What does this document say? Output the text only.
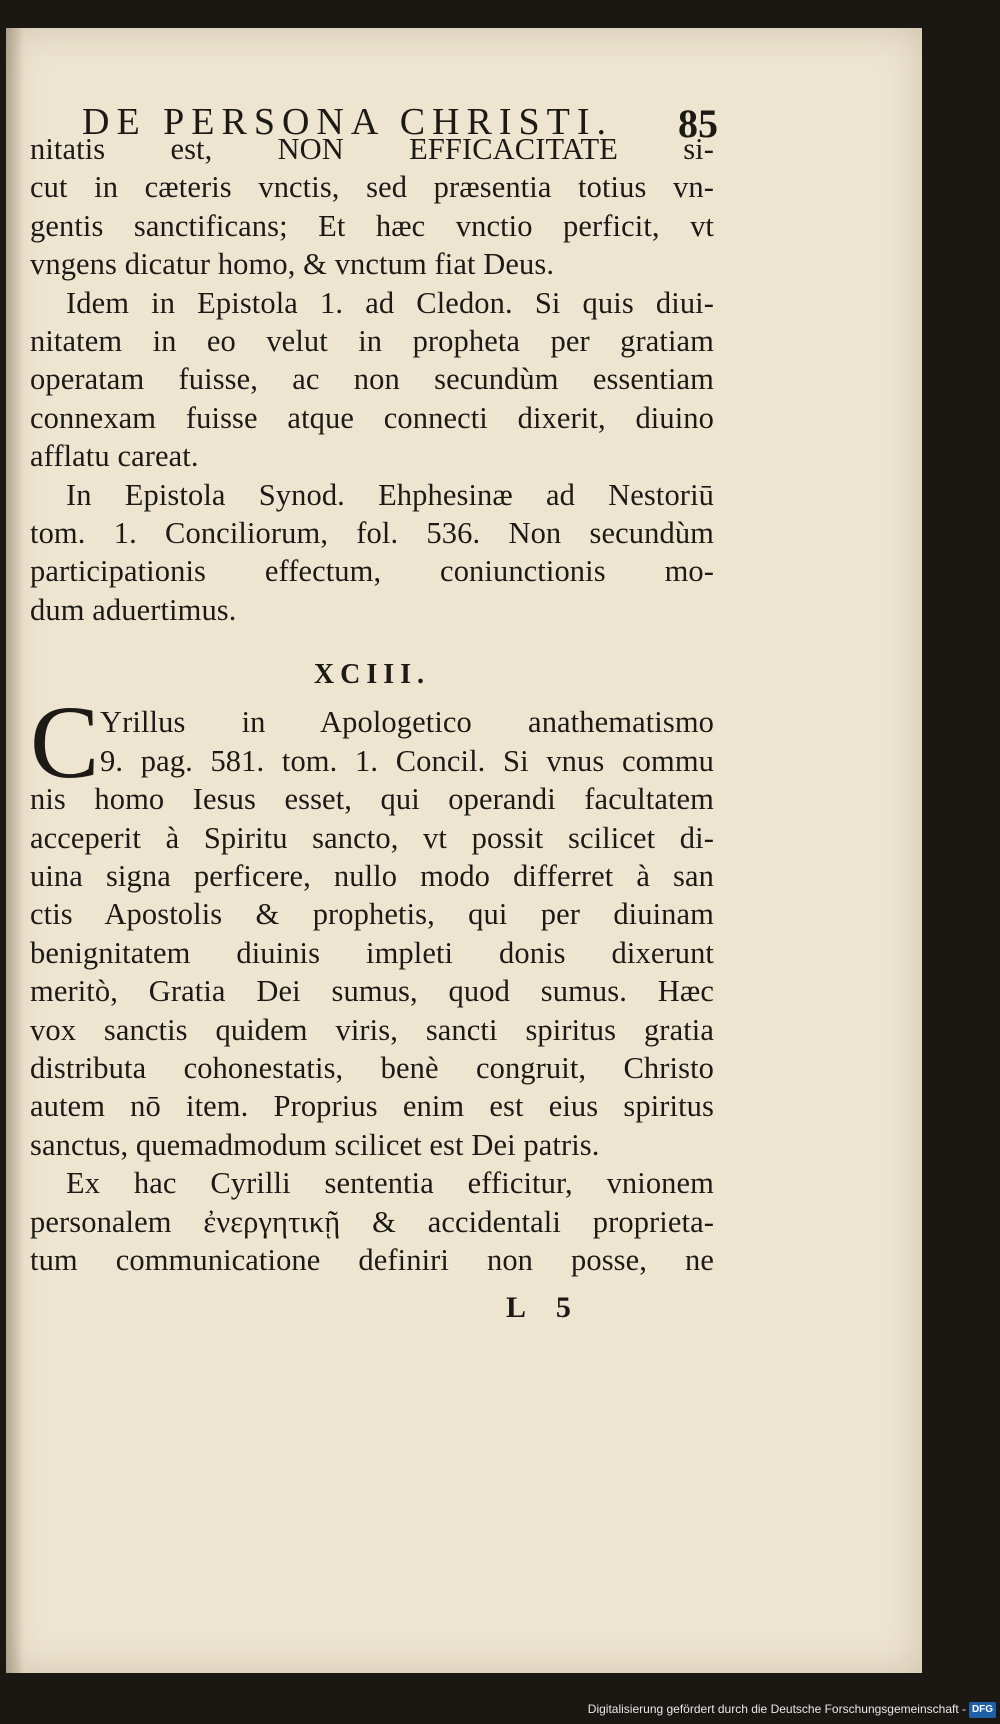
DE PERSONA CHRISTI. 85
nitatis est, NON EFFICACITATE si-
cut in cæteris vnctis, sed præsentia totius vn-
gentis sanctificans; Et hæc vnctio perficit, vt
vngens dicatur homo, & vnctum fiat Deus.
Idem in Epistola 1. ad Cledon. Si quis diui-
nitatem in eo velut in propheta per gratiam
operatam fuisse, ac non secundùm essentiam
connexam fuisse atque connecti dixerit, diuino
afflatu careat.
In Epistola Synod. Ehphesinæ ad Nestoriū
tom. 1. Conciliorum, fol. 536. Non secundùm
participationis effectum, coniunctionis mo-
dum aduertimus.
XCIII.
C Yrillus in Apologetico anathematismo
9. pag. 581. tom. 1. Concil. Si vnus commu
nis homo Iesus esset, qui operandi facultatem
acceperit à Spiritu sancto, vt possit scilicet di-
uina signa perficere, nullo modo differret à san
ctis Apostolis & prophetis, qui per diuinam
benignitatem diuinis impleti donis dixerunt
meritò, Gratia Dei sumus, quod sumus. Hæc
vox sanctis quidem viris, sancti spiritus gratia
distributa cohonestatis, benè congruit, Christo
autem nō item. Proprius enim est eius spiritus
sanctus, quemadmodum scilicet est Dei patris.
Ex hac Cyrilli sententia efficitur, vnionem
personalem ἐνεργητικῇ & accidentali proprieta-
tum communicatione definiri non posse, ne
L 5
Digitalisierung gefördert durch die Deutsche Forschungsgemeinschaft - DFG
